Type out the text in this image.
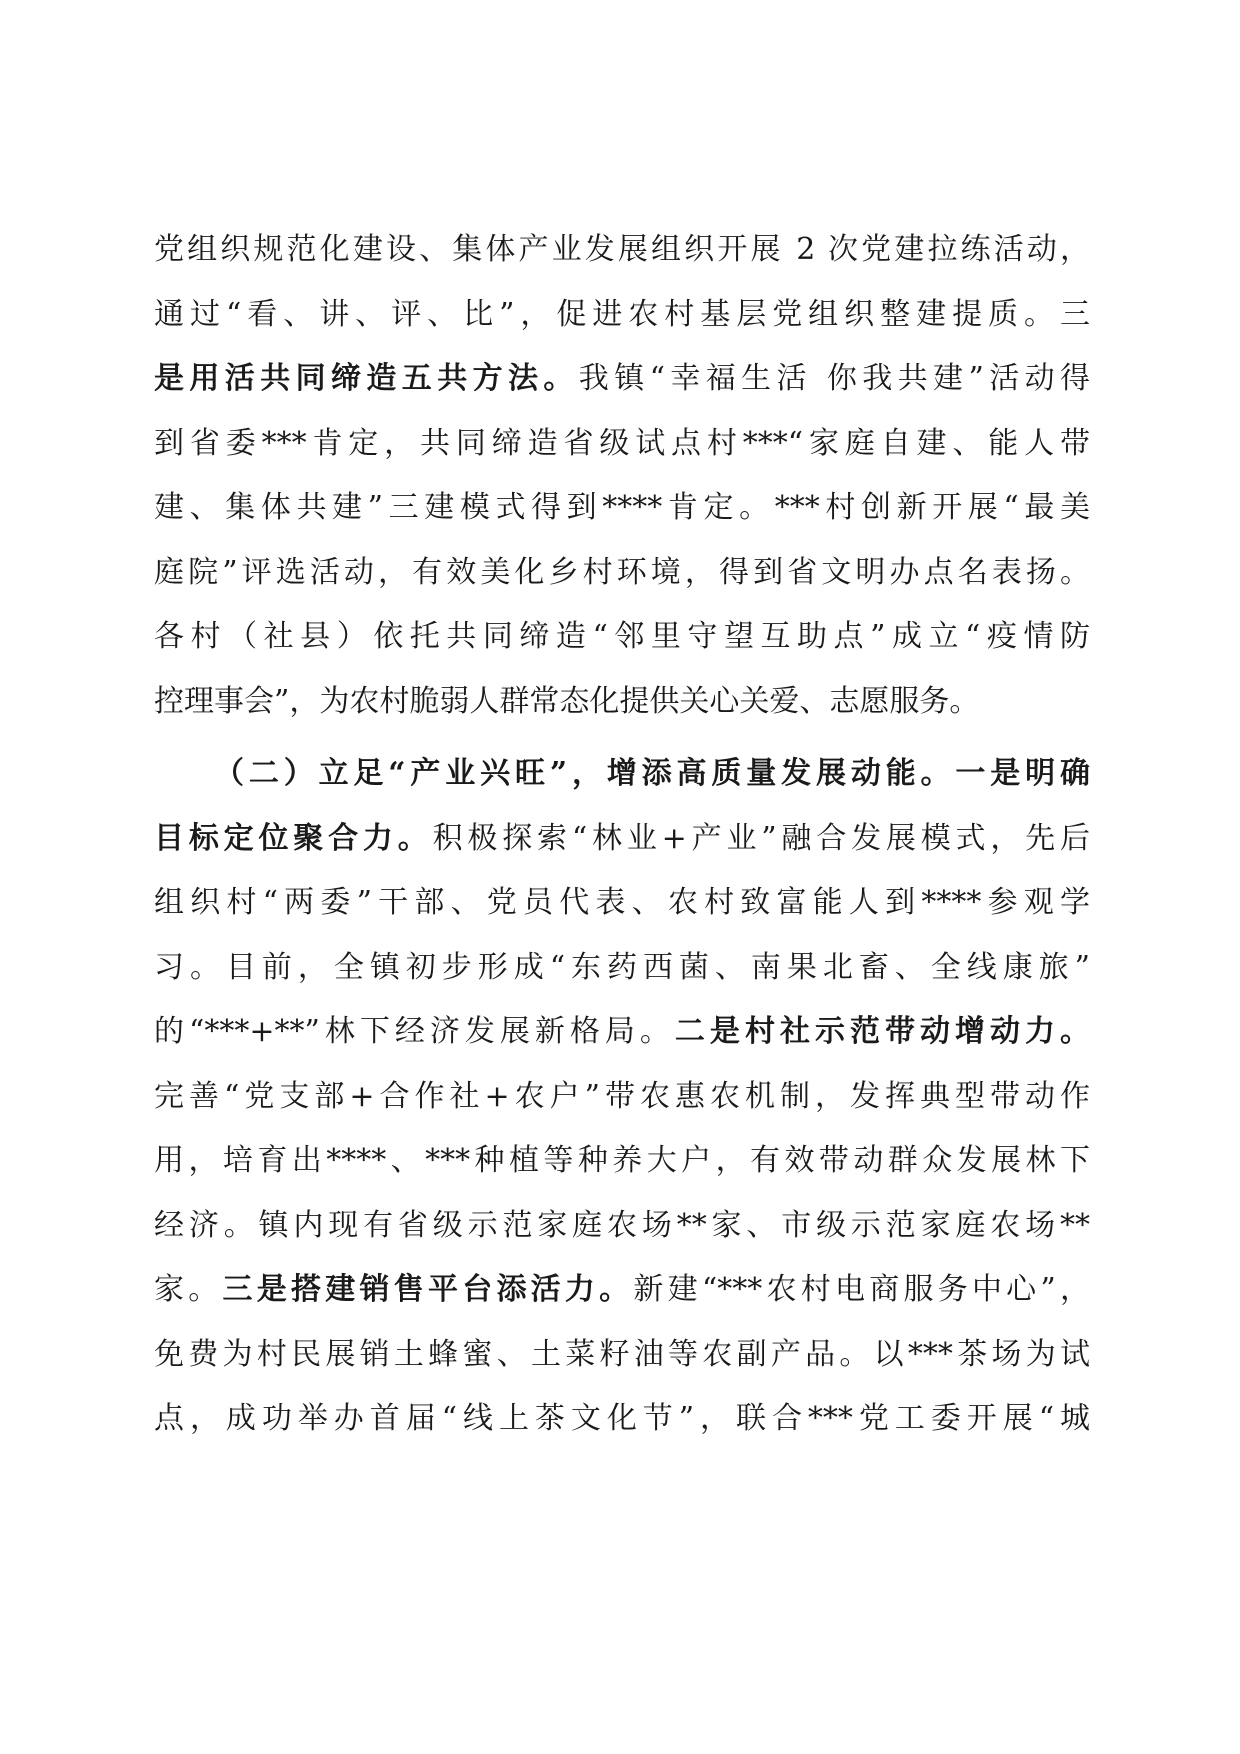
党组织规范化建设、集体产业发展组织开展 2 次党建拉练活动，
通过“看、讲、评、比”，促进农村基层党组织整建提质。三
是用活共同缔造五共方法。我镇“幸福生活 你我共建”活动得
到省委***肯定，共同缔造省级试点村***“家庭自建、能人带
建、集体共建”三建模式得到****肯定。***村创新开展“最美
庭院”评选活动，有效美化乡村环境，得到省文明办点名表扬。
各村（社县）依托共同缔造“邻里守望互助点”成立“疫情防
控理事会”，为农村脆弱人群常态化提供关心关爱、志愿服务。
（二）立足“产业兴旺”，增添高质量发展动能。一是明确
目标定位聚合力。积极探索“林业+产业”融合发展模式，先后
组织村“两委”干部、党员代表、农村致富能人到****参观学
习。目前，全镇初步形成“东药西菌、南果北畜、全线康旅”
的“***+**”林下经济发展新格局。二是村社示范带动增动力。
完善“党支部+合作社+农户”带农惠农机制，发挥典型带动作
用，培育出****、***种植等种养大户，有效带动群众发展林下
经济。镇内现有省级示范家庭农场**家、市级示范家庭农场**
家。三是搭建销售平台添活力。新建“***农村电商服务中心”，
免费为村民展销土蜂蜜、土菜籽油等农副产品。以***茶场为试
点，成功举办首届“线上茶文化节”，联合***党工委开展“城
